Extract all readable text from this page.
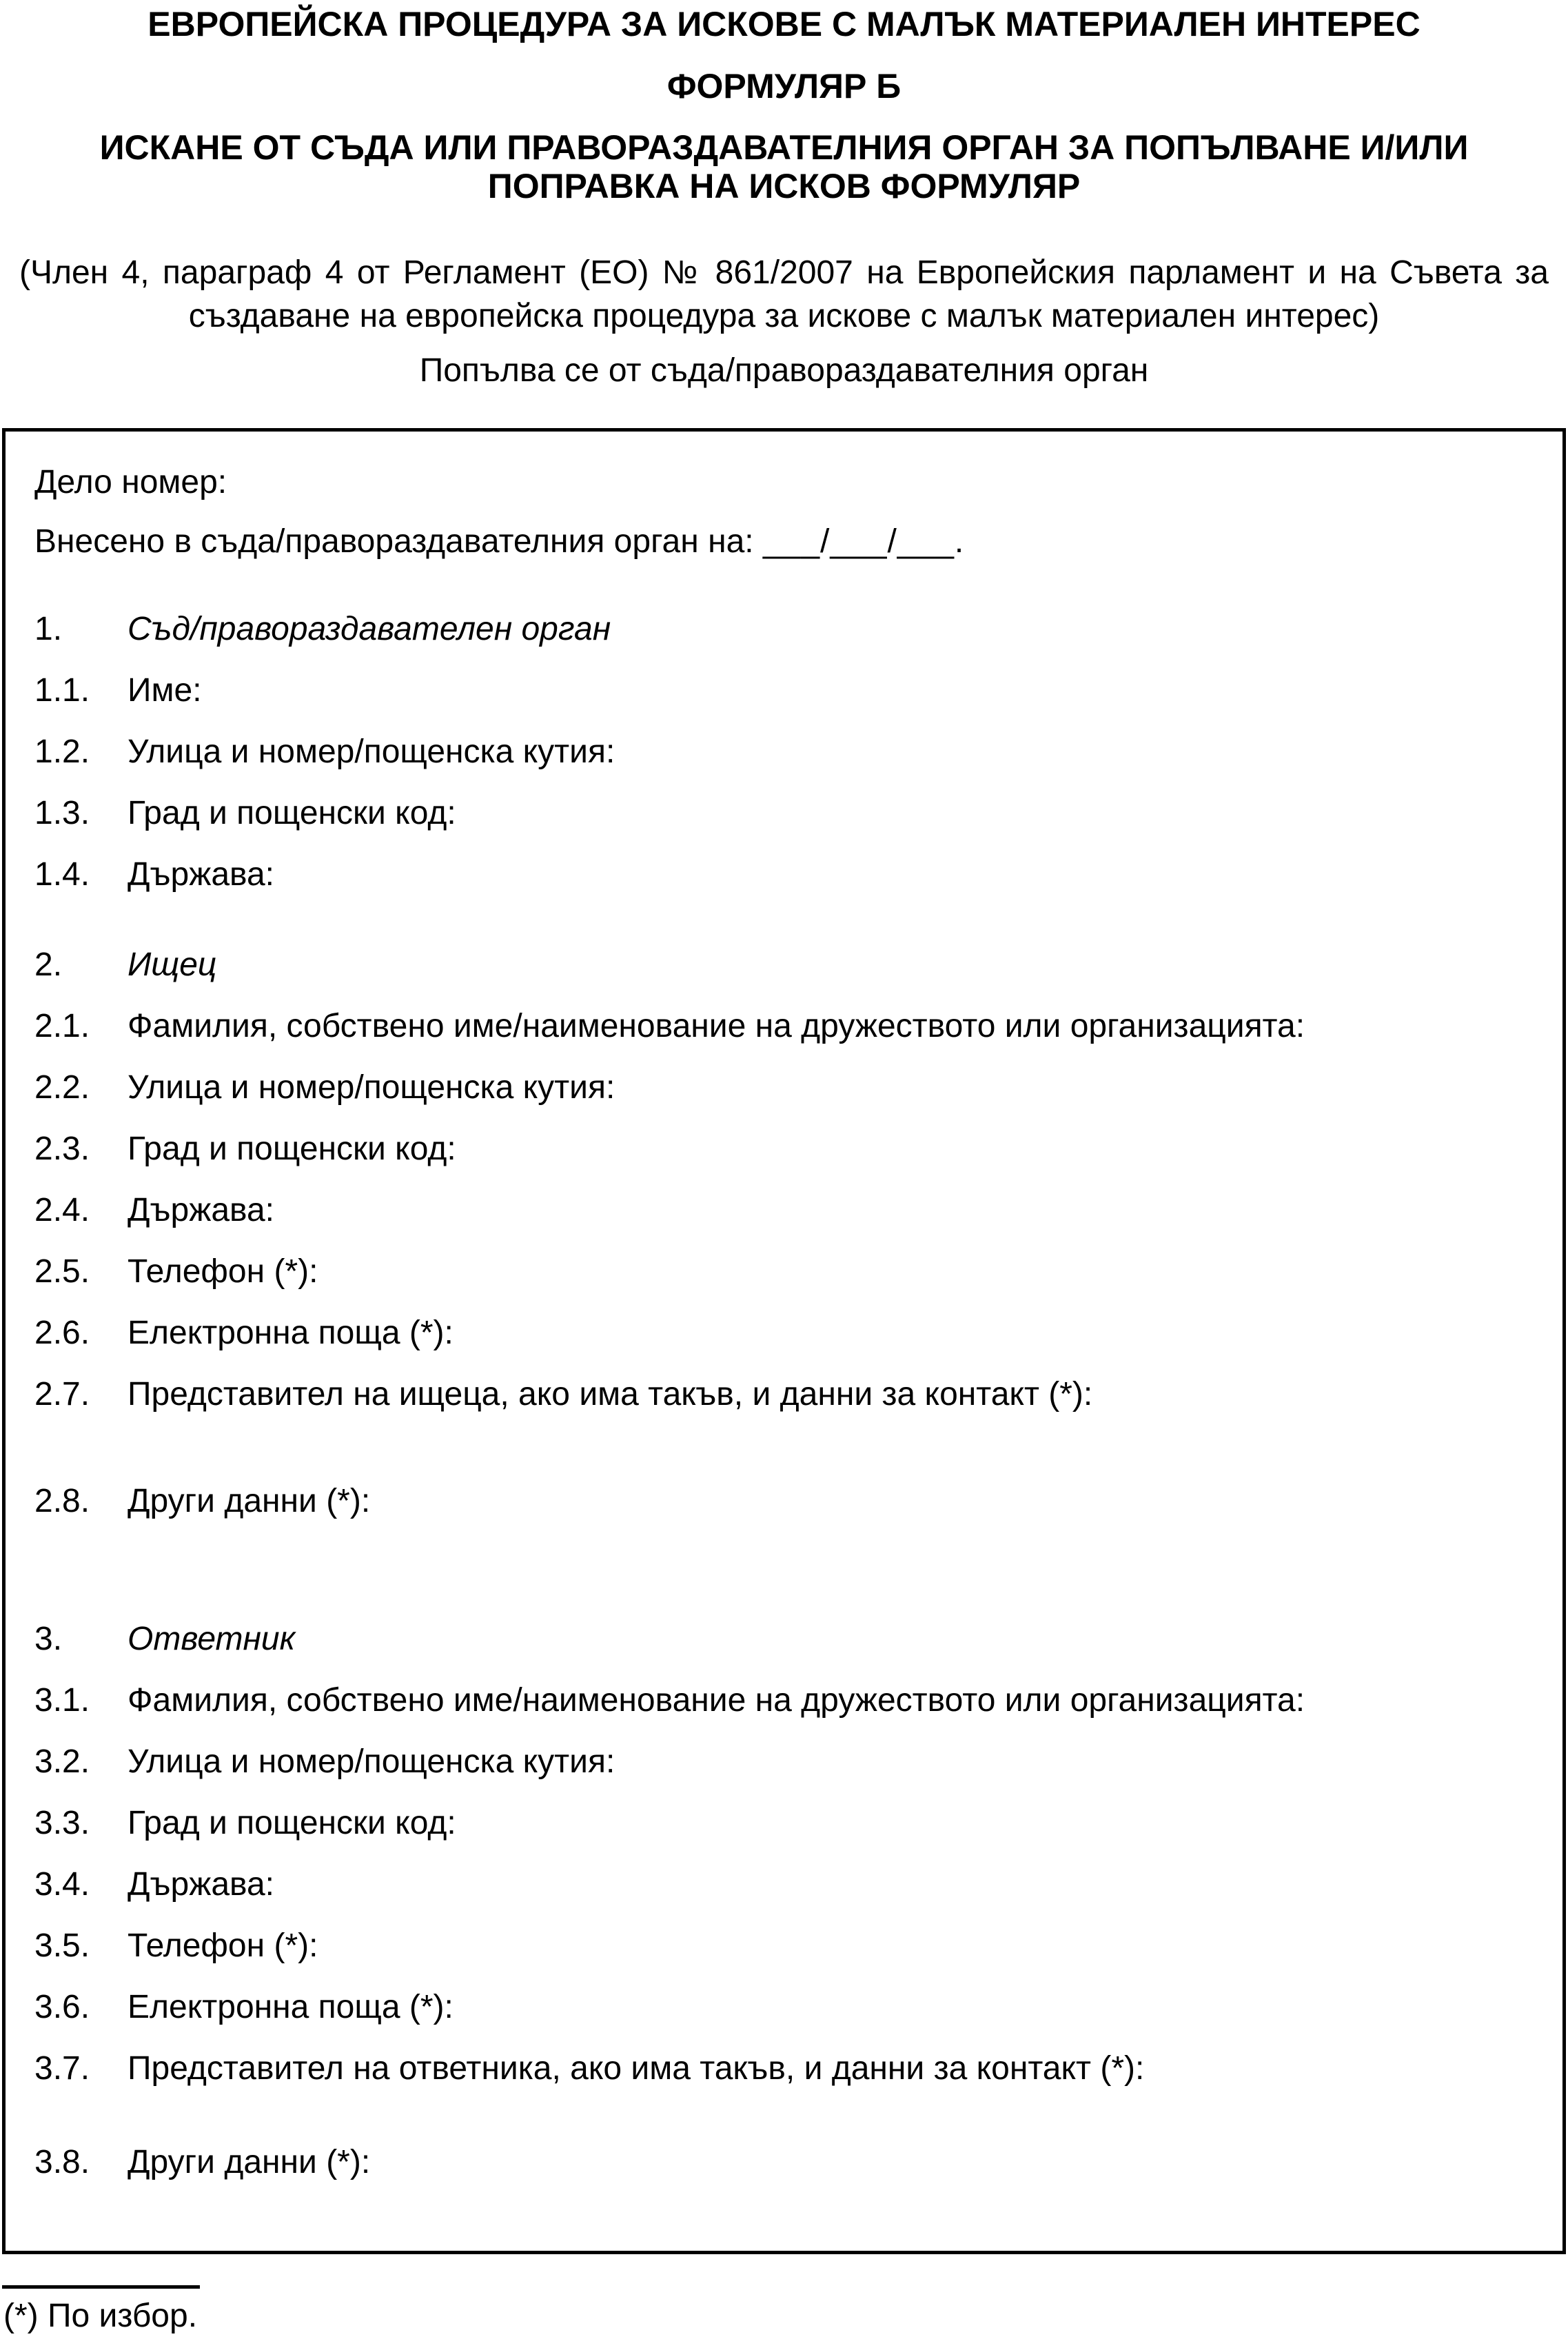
ЕВРОПЕЙСКА ПРОЦЕДУРА ЗА ИСКОВЕ С МАЛЪК МАТЕРИАЛЕН ИНТЕРЕС
ФОРМУЛЯР Б
ИСКАНЕ ОТ СЪДА ИЛИ ПРАВОРАЗДАВАТЕЛНИЯ ОРГАН ЗА ПОПЪЛВАНЕ И/ИЛИ ПОПРАВКА НА ИСКОВ ФОРМУЛЯР
(Член 4, параграф 4 от Регламент (ЕО) № 861/2007 на Европейския парламент и на Съвета за създаване на европейска процедура за искове с малък материален интерес)
Попълва се от съда/правораздавателния орган
Дело номер:
Внесено в съда/правораздавателния орган на: ___/___/___.
1.	Съд/правораздавателен орган
1.1.	Име:
1.2.	Улица и номер/пощенска кутия:
1.3.	Град и пощенски код:
1.4.	Държава:
2.	Ищец
2.1.	Фамилия, собствено име/наименование на дружеството или организацията:
2.2.	Улица и номер/пощенска кутия:
2.3.	Град и пощенски код:
2.4.	Държава:
2.5.	Телефон (*):
2.6.	Електронна поща (*):
2.7.	Представител на ищеца, ако има такъв, и данни за контакт (*):
2.8.	Други данни (*):
3.	Ответник
3.1.	Фамилия, собствено име/наименование на дружеството или организацията:
3.2.	Улица и номер/пощенска кутия:
3.3.	Град и пощенски код:
3.4.	Държава:
3.5.	Телефон (*):
3.6.	Електронна поща (*):
3.7.	Представител на ответника, ако има такъв, и данни за контакт (*):
3.8.	Други данни (*):
(*) По избор.
